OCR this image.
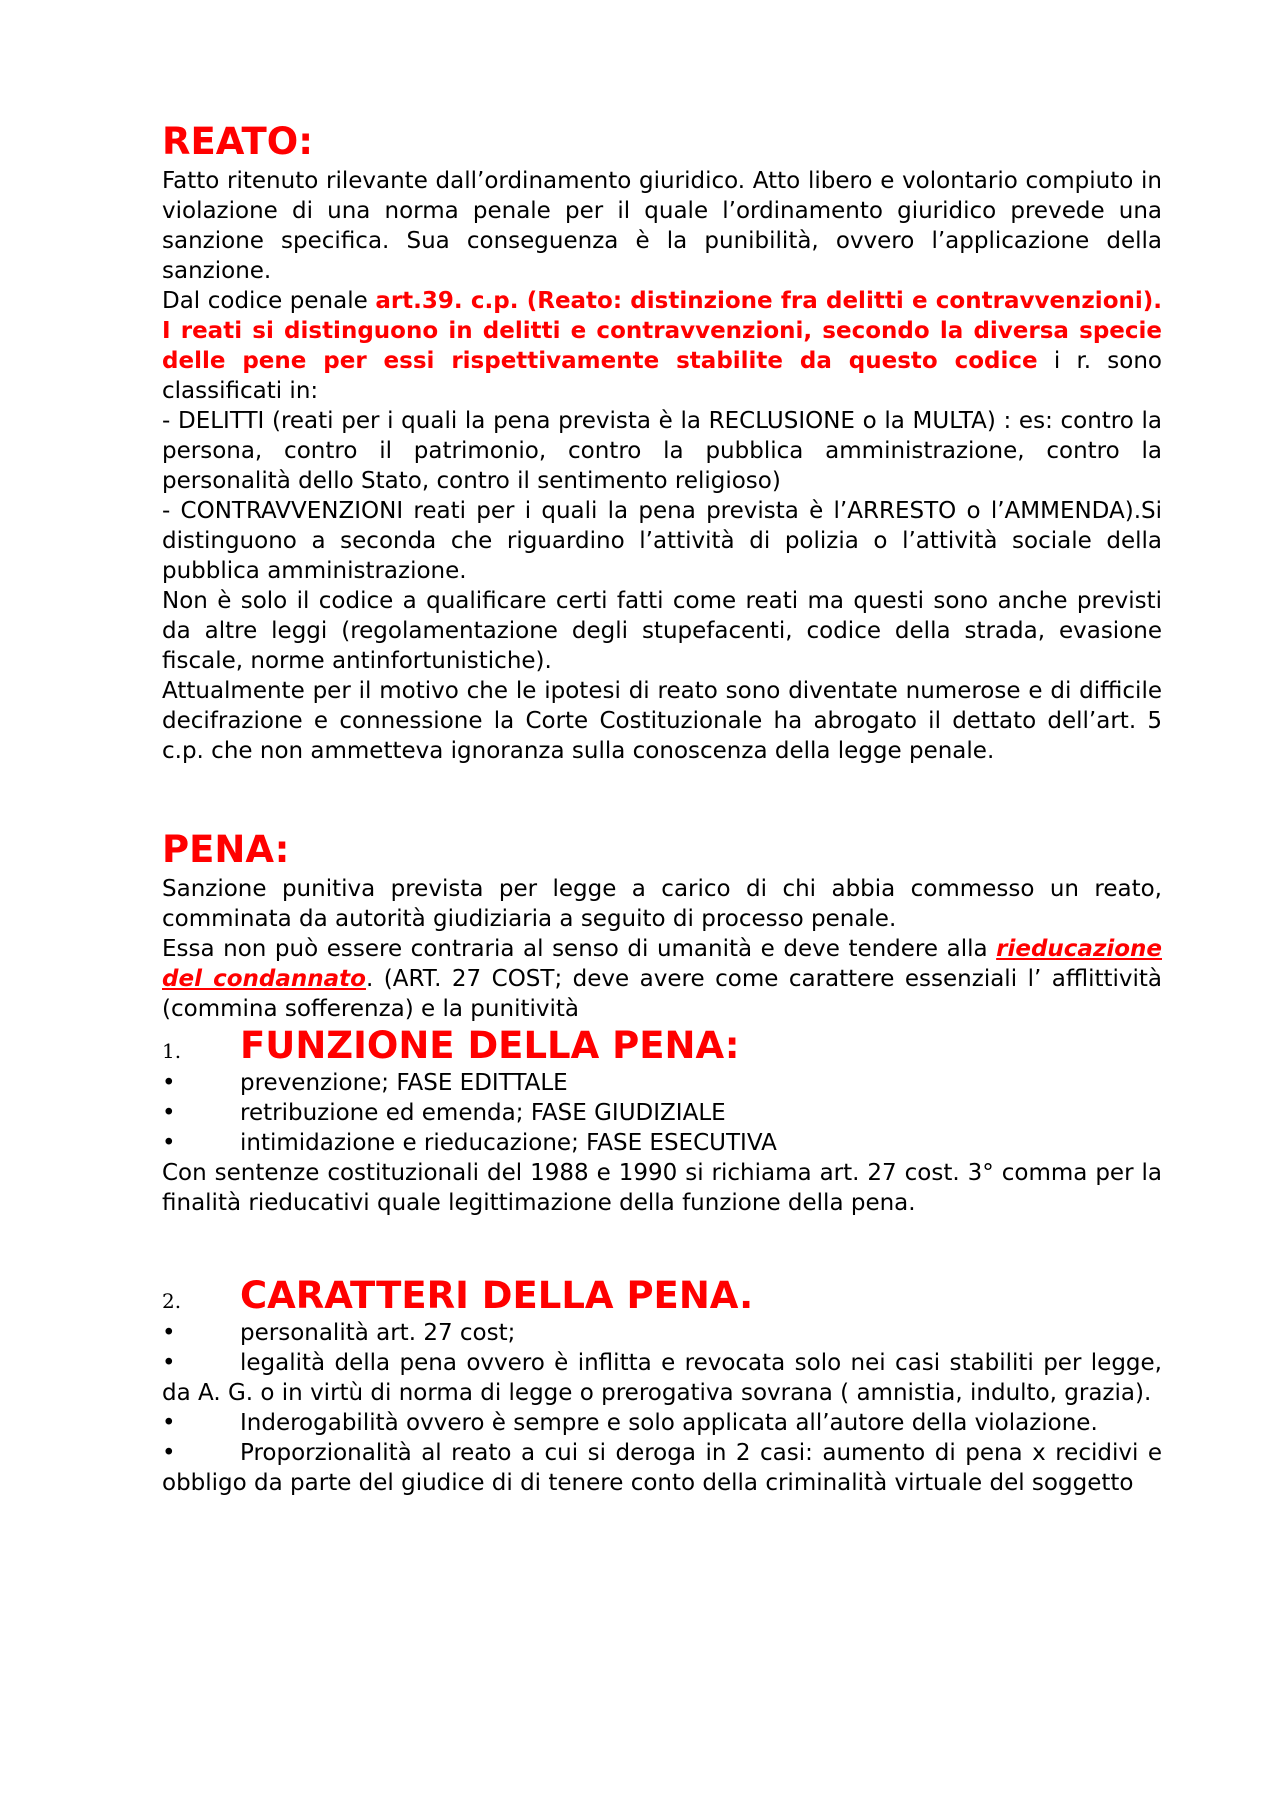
REATO:

Fatto ritenuto rilevante dall’ordinamento giuridico. Atto libero e volontario compiuto in violazione di una norma penale per il quale l’ordinamento giuridico prevede una sanzione specifica. Sua conseguenza è la punibilità, ovvero l’applicazione della sanzione.

Dal codice penale art.39. c.p. (Reato: distinzione fra delitti e contravvenzioni). I reati si distinguono in delitti e contravvenzioni, secondo la diversa specie delle pene per essi rispettivamente stabilite da questo codice i r. sono classificati in:

- DELITTI (reati per i quali la pena prevista è la RECLUSIONE o la MULTA) : es: contro la persona, contro il patrimonio, contro la pubblica amministrazione, contro la personalità dello Stato, contro il sentimento religioso)

- CONTRAVVENZIONI reati per i quali la pena prevista è l’ARRESTO o l’AMMENDA).Si distinguono a seconda che riguardino l’attività di polizia o l’attività sociale della pubblica amministrazione.

Non è solo il codice a qualificare certi fatti come reati ma questi sono anche previsti da altre leggi (regolamentazione degli stupefacenti, codice della strada, evasione fiscale, norme antinfortunistiche).

Attualmente per il motivo che le ipotesi di reato sono diventate numerose e di difficile decifrazione e connessione la Corte Costituzionale ha abrogato il dettato dell’art. 5 c.p. che non ammetteva ignoranza sulla conoscenza della legge penale.

PENA:

Sanzione punitiva prevista per legge a carico di chi abbia commesso un reato, comminata da autorità giudiziaria a seguito di processo penale.

Essa non può essere contraria al senso di umanità e deve tendere alla rieducazione del condannato. (ART. 27 COST; deve avere come carattere essenziali l’ afflittività (commina sofferenza) e la punitività

1.	FUNZIONE DELLA PENA:

•	prevenzione; FASE EDITTALE

•	retribuzione ed emenda; FASE GIUDIZIALE

•	intimidazione e rieducazione; FASE ESECUTIVA

Con sentenze costituzionali del 1988 e 1990 si richiama art. 27 cost. 3° comma per la finalità rieducativi quale legittimazione della funzione della pena.

2.	CARATTERI DELLA PENA.

•	personalità art. 27 cost;

•	legalità della pena ovvero è inflitta e revocata solo nei casi stabiliti per legge, da A. G. o in virtù di norma di legge o prerogativa sovrana ( amnistia, indulto, grazia).

•	Inderogabilità ovvero è sempre e solo applicata all’autore della violazione.

•	Proporzionalità al reato a cui si deroga in 2 casi: aumento di pena x recidivi e obbligo da parte del giudice di di tenere conto della criminalità virtuale del soggetto
